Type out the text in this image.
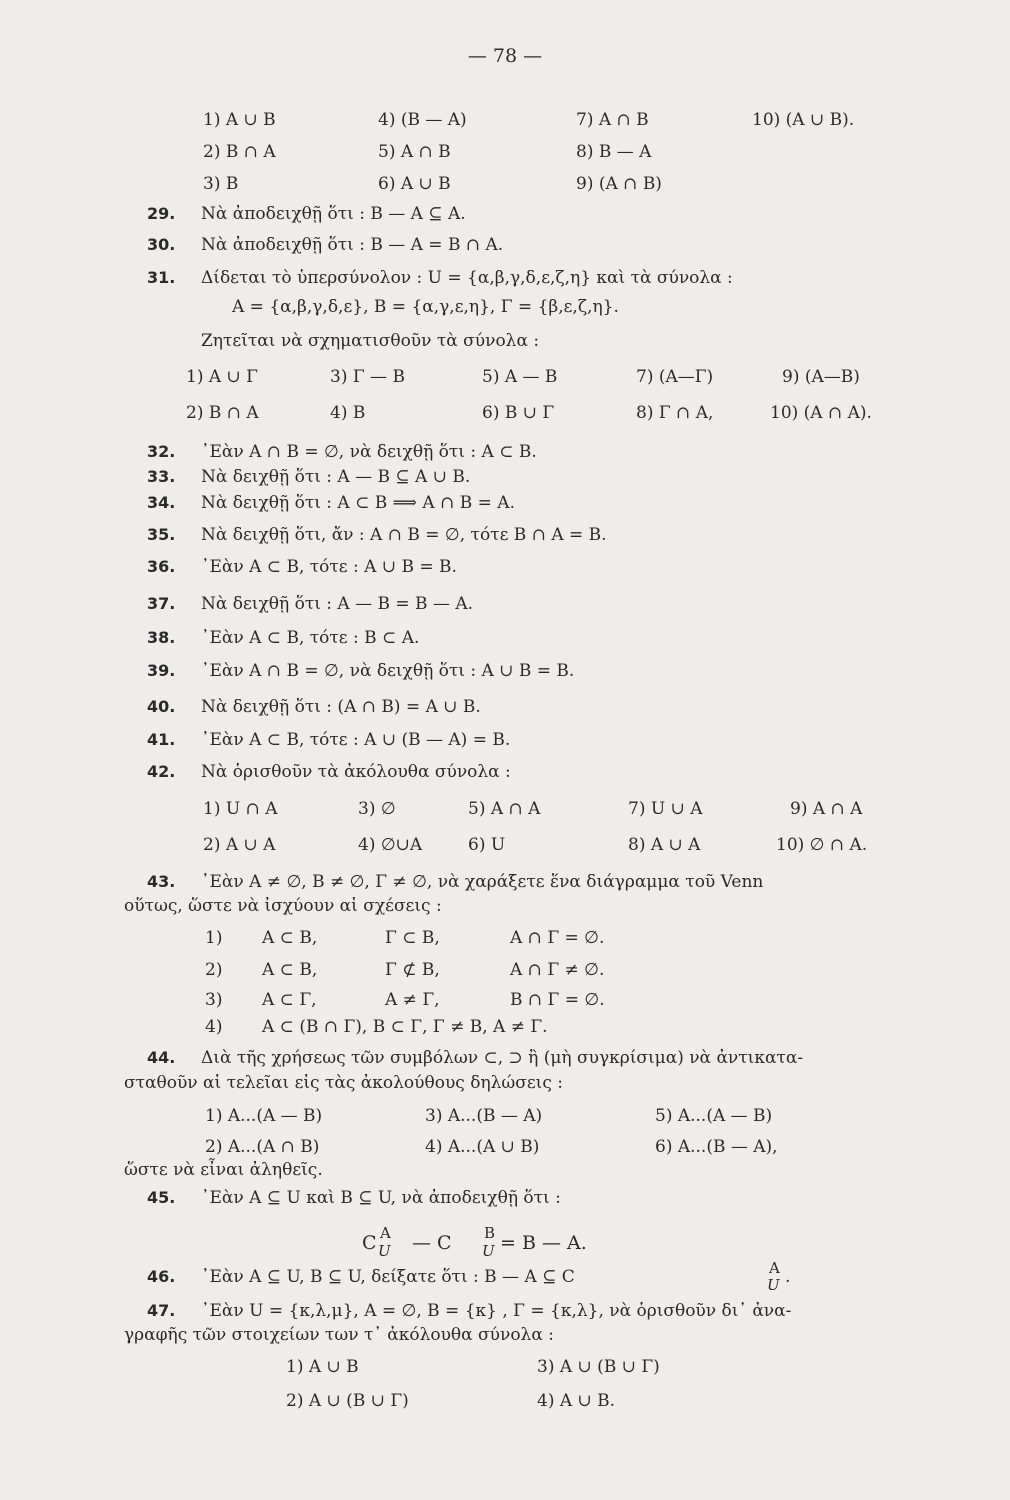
— 78 —
1) A ∪ B	4) (B — A)	7) A ∩ B	10) (A ∪ B).
2) B ∩ A	5) A ∩ B	8) B — A
3) B	6) A ∪ B	9) (A ∩ B)
29. Νὰ ἀποδειχθῇ ὅτι : B — A ⊆ A.
30. Νὰ ἀποδειχθῇ ὅτι : B — A = B ∩ A.
31. Δίδεται τὸ ὑπερσύνολον : U = {α,β,γ,δ,ε,ζ,η} καὶ τὰ σύνολα :
A = {α,β,γ,δ,ε}, B = {α,γ,ε,η}, Γ = {β,ε,ζ,η}.
Ζητεῖται νὰ σχηματισθοῦν τὰ σύνολα :
1) A ∪ Γ	3) Γ — B	5) A — B	7) (A—Γ)	9) (A—B)
2) B ∩ A	4) B	6) B ∪ Γ	8) Γ ∩ A,	10) (A ∩ A).
32. ᾿Εὰν A ∩ B = ∅, νὰ δειχθῇ ὅτι : A ⊂ B.
33. Νὰ δειχθῇ ὅτι : A — B ⊆ A ∪ B.
34. Νὰ δειχθῇ ὅτι : A ⊂ B ⟹ A ∩ B = A.
35. Νὰ δειχθῇ ὅτι, ἄν : A ∩ B = ∅, τότε B ∩ A = B.
36. ᾿Εὰν A ⊂ B, τότε : A ∪ B = B.
37. Νὰ δειχθῇ ὅτι : A — B = B — A.
38. ᾿Εὰν A ⊂ B, τότε : B ⊂ A.
39. ᾿Εὰν A ∩ B = ∅, νὰ δειχθῇ ὅτι : A ∪ B = B.
40. Νὰ δειχθῇ ὅτι : (A ∩ B) = A ∪ B.
41. ᾿Εὰν A ⊂ B, τότε : A ∪ (B — A) = B.
42. Νὰ ὁρισθοῦν τὰ ἀκόλουθα σύνολα :
1) U ∩ A	3) ∅	5) A ∩ A	7) U ∪ A	9) A ∩ A
2) A ∪ A	4) ∅∪A	6) U	8) A ∪ A	10) ∅ ∩ A.
43. ᾿Εὰν A ≠ ∅, B ≠ ∅, Γ ≠ ∅, νὰ χαράξετε ἕνα διάγραμμα τοῦ Venn
οὕτως, ὥστε νὰ ἰσχύουν αἱ σχέσεις :
1) A ⊂ B,	Γ ⊂ B,	A ∩ Γ = ∅.
2) A ⊂ B,	Γ ⊄ B,	A ∩ Γ ≠ ∅.
3) A ⊂ Γ,	A ≠ Γ,	B ∩ Γ = ∅.
4) A ⊂ (B ∩ Γ), B ⊂ Γ, Γ ≠ B, A ≠ Γ.
44. Διὰ τῆς χρήσεως τῶν συμβόλων ⊂, ⊃ ἢ (μὴ συγκρίσιμα) νὰ ἀντικατα-
σταθοῦν αἱ τελεῖαι εἰς τὰς ἀκολούθους δηλώσεις :
1) A...(A — B)	3) A...(B — A)	5) A...(A — B)
2) A...(A ∩ B)	4) A...(A ∪ B)	6) A...(B — A),
ὥστε νὰ εἶναι ἀληθεῖς.
45. ᾿Εὰν A ⊆ U καὶ B ⊆ U, νὰ ἀποδειχθῇ ὅτι :
C A
U — C B
U = B — A.
46. ᾿Εὰν A ⊆ U, B ⊆ U, δείξατε ὅτι : B — A ⊆ C	A
U .
47. ᾿Εὰν U = {κ,λ,μ}, A = ∅, B = {κ} , Γ = {κ,λ}, νὰ ὁρισθοῦν δι᾿ ἀνα-
γραφῆς τῶν στοιχείων των τ᾿ ἀκόλουθα σύνολα :
1) A ∪ B	3) A ∪ (B ∪ Γ)
2) A ∪ (B ∪ Γ)	4) A ∪ B.
